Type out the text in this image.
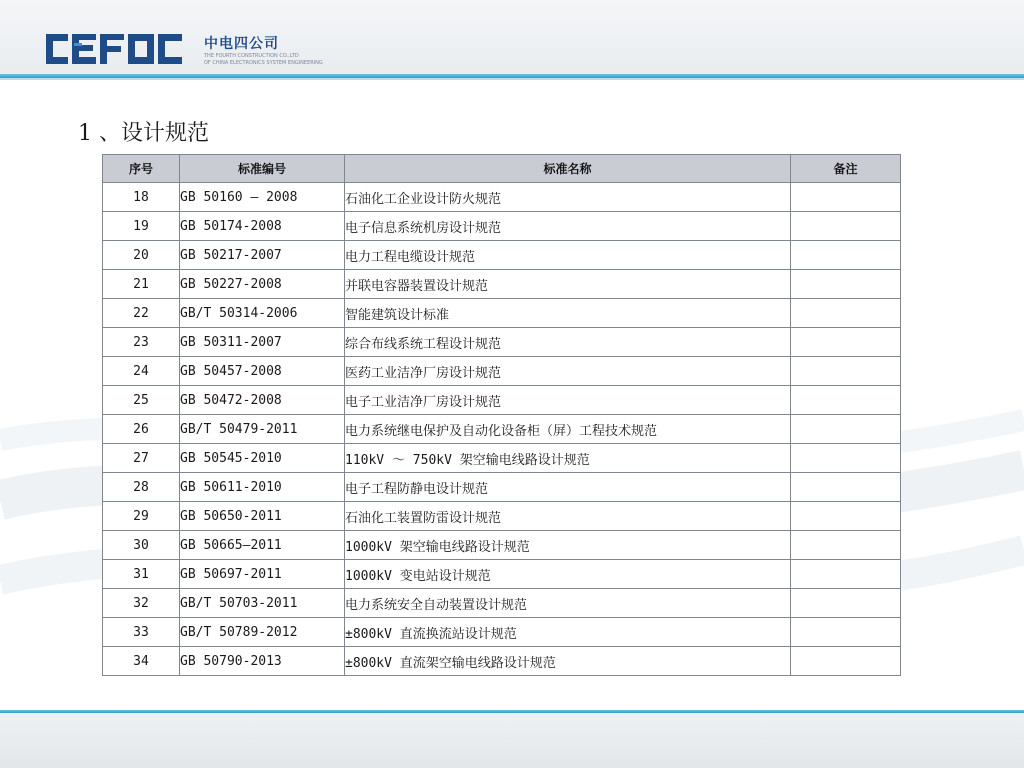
中电四公司
THE FOURTH CONSTRUCTION CO.,LTD
OF CHINA ELECTRONICS SYSTEM ENGINEERING
1 、设计规范
序号	标准编号	标准名称	备注
18	GB 50160 — 2008	石油化工企业设计防火规范	
19	GB 50174-2008	电子信息系统机房设计规范	
20	GB 50217-2007	电力工程电缆设计规范	
21	GB 50227-2008	并联电容器装置设计规范	
22	GB/T 50314-2006	智能建筑设计标准	
23	GB 50311-2007	综合布线系统工程设计规范	
24	GB 50457-2008	医药工业洁净厂房设计规范	
25	GB 50472-2008	电子工业洁净厂房设计规范	
26	GB/T 50479-2011	电力系统继电保护及自动化设备柜（屏）工程技术规范	
27	GB 50545-2010	110kV ～ 750kV 架空输电线路设计规范	
28	GB 50611-2010	电子工程防静电设计规范	
29	GB 50650-2011	石油化工装置防雷设计规范	
30	GB 50665—2011	1000kV 架空输电线路设计规范	
31	GB 50697-2011	1000kV 变电站设计规范	
32	GB/T 50703-2011	电力系统安全自动装置设计规范	
33	GB/T 50789-2012	±800kV 直流换流站设计规范	
34	GB 50790-2013	±800kV 直流架空输电线路设计规范	
